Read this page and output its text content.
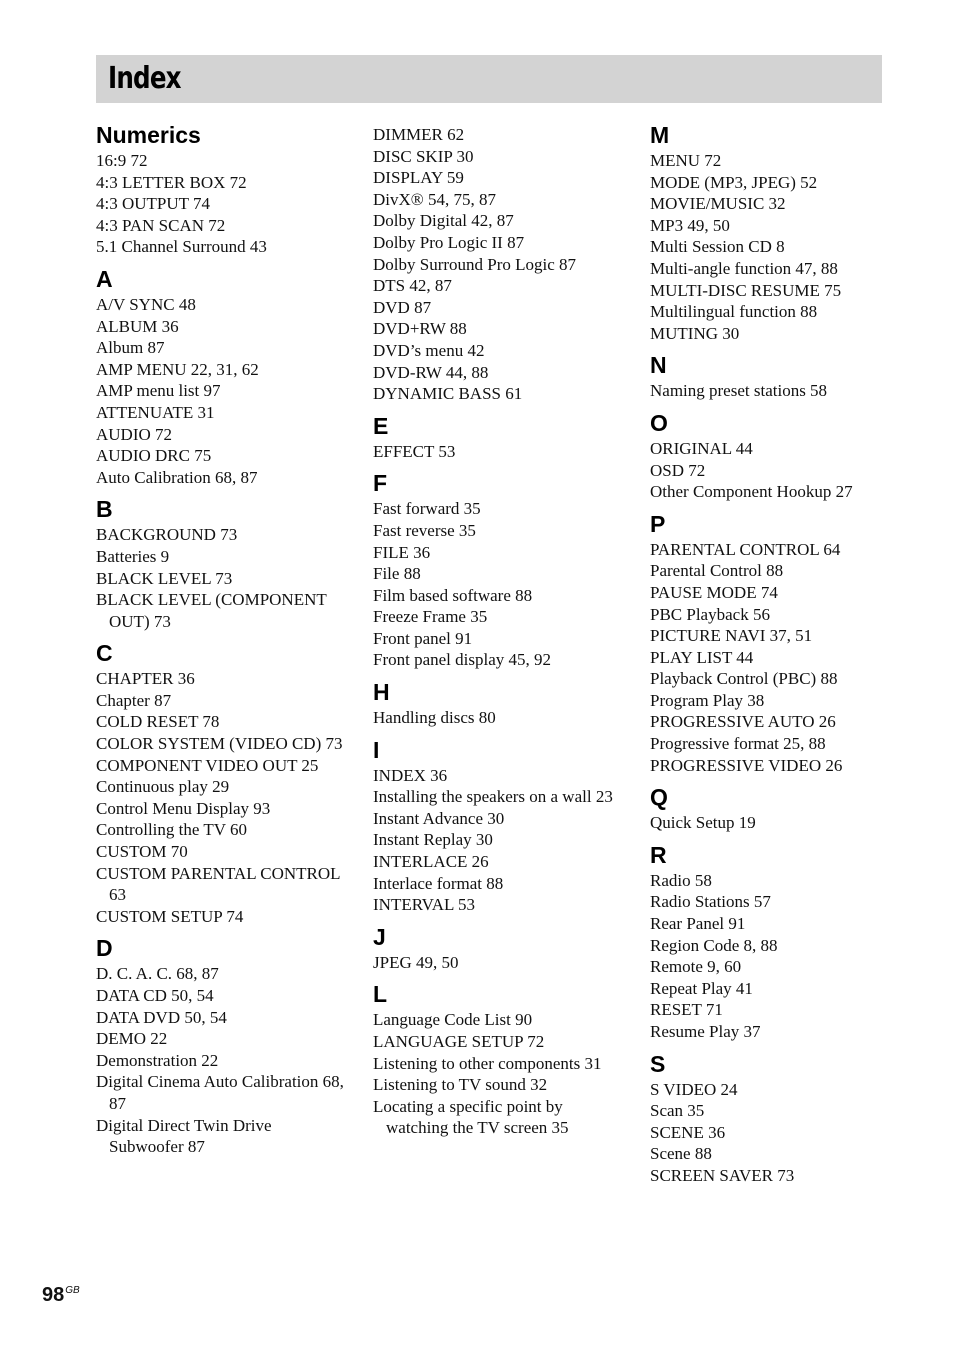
Index
Numerics
16:9 72
4:3 LETTER BOX 72
4:3 OUTPUT 74
4:3 PAN SCAN 72
5.1 Channel Surround 43
A
A/V SYNC 48
ALBUM 36
Album 87
AMP MENU 22, 31, 62
AMP menu list 97
ATTENUATE 31
AUDIO 72
AUDIO DRC 75
Auto Calibration 68, 87
B
BACKGROUND 73
Batteries 9
BLACK LEVEL 73
BLACK LEVEL (COMPONENT OUT) 73
C
CHAPTER 36
Chapter 87
COLD RESET 78
COLOR SYSTEM (VIDEO CD) 73
COMPONENT VIDEO OUT 25
Continuous play 29
Control Menu Display 93
Controlling the TV 60
CUSTOM 70
CUSTOM PARENTAL CONTROL 63
CUSTOM SETUP 74
D
D. C. A. C. 68, 87
DATA CD 50, 54
DATA DVD 50, 54
DEMO 22
Demonstration 22
Digital Cinema Auto Calibration 68, 87
Digital Direct Twin Drive Subwoofer 87
DIMMER 62
DISC SKIP 30
DISPLAY 59
DivX® 54, 75, 87
Dolby Digital 42, 87
Dolby Pro Logic II 87
Dolby Surround Pro Logic 87
DTS 42, 87
DVD 87
DVD+RW 88
DVD’s menu 42
DVD-RW 44, 88
DYNAMIC BASS 61
E
EFFECT 53
F
Fast forward 35
Fast reverse 35
FILE 36
File 88
Film based software 88
Freeze Frame 35
Front panel 91
Front panel display 45, 92
H
Handling discs 80
I
INDEX 36
Installing the speakers on a wall 23
Instant Advance 30
Instant Replay 30
INTERLACE 26
Interlace format 88
INTERVAL 53
J
JPEG 49, 50
L
Language Code List 90
LANGUAGE SETUP 72
Listening to other components 31
Listening to TV sound 32
Locating a specific point by watching the TV screen 35
M
MENU 72
MODE (MP3, JPEG) 52
MOVIE/MUSIC 32
MP3 49, 50
Multi Session CD 8
Multi-angle function 47, 88
MULTI-DISC RESUME 75
Multilingual function 88
MUTING 30
N
Naming preset stations 58
O
ORIGINAL 44
OSD 72
Other Component Hookup 27
P
PARENTAL CONTROL 64
Parental Control 88
PAUSE MODE 74
PBC Playback 56
PICTURE NAVI 37, 51
PLAY LIST 44
Playback Control (PBC) 88
Program Play 38
PROGRESSIVE AUTO 26
Progressive format 25, 88
PROGRESSIVE VIDEO 26
Q
Quick Setup 19
R
Radio 58
Radio Stations 57
Rear Panel 91
Region Code 8, 88
Remote 9, 60
Repeat Play 41
RESET 71
Resume Play 37
S
S VIDEO 24
Scan 35
SCENE 36
Scene 88
SCREEN SAVER 73
$98^{GB}$
